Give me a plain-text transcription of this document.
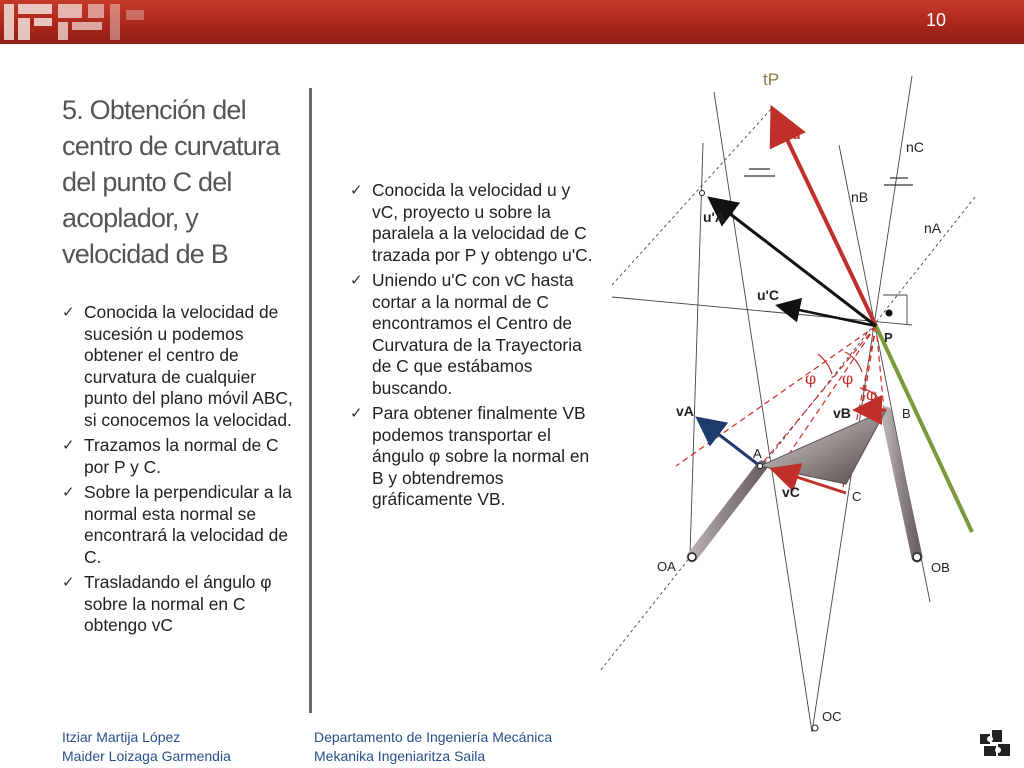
10
5. Obtención del centro de curvatura del punto C del acoplador, y velocidad de B
✓ Conocida la velocidad de sucesión u podemos obtener el centro de curvatura de cualquier punto del plano móvil ABC, si conocemos la velocidad.
✓ Trazamos la normal de C por P y C.
✓ Sobre la perpendicular a la normal esta normal se encontrará la velocidad de C.
✓ Trasladando el ángulo φ sobre la normal en C obtengo vC
✓ Conocida la velocidad u y vC, proyecto u sobre la paralela a la velocidad de C trazada por P y obtengo u'C.
✓ Uniendo u'C con vC hasta cortar a la normal de C encontramos el Centro de Curvatura de la Trayectoria de C que estábamos buscando.
✓ Para obtener finalmente VB podemos transportar el ángulo φ sobre la normal en B y obtendremos gráficamente VB.
tP
u
nC
nB
nA
u'A
u'C
P
φ φ
φ
vA	vB	B
A
vC	C
OA	OB
OC
Itziar Martija López
Maider Loizaga Garmendia
Departamento de Ingeniería Mecánica
Mekanika Ingeniaritza Saila
